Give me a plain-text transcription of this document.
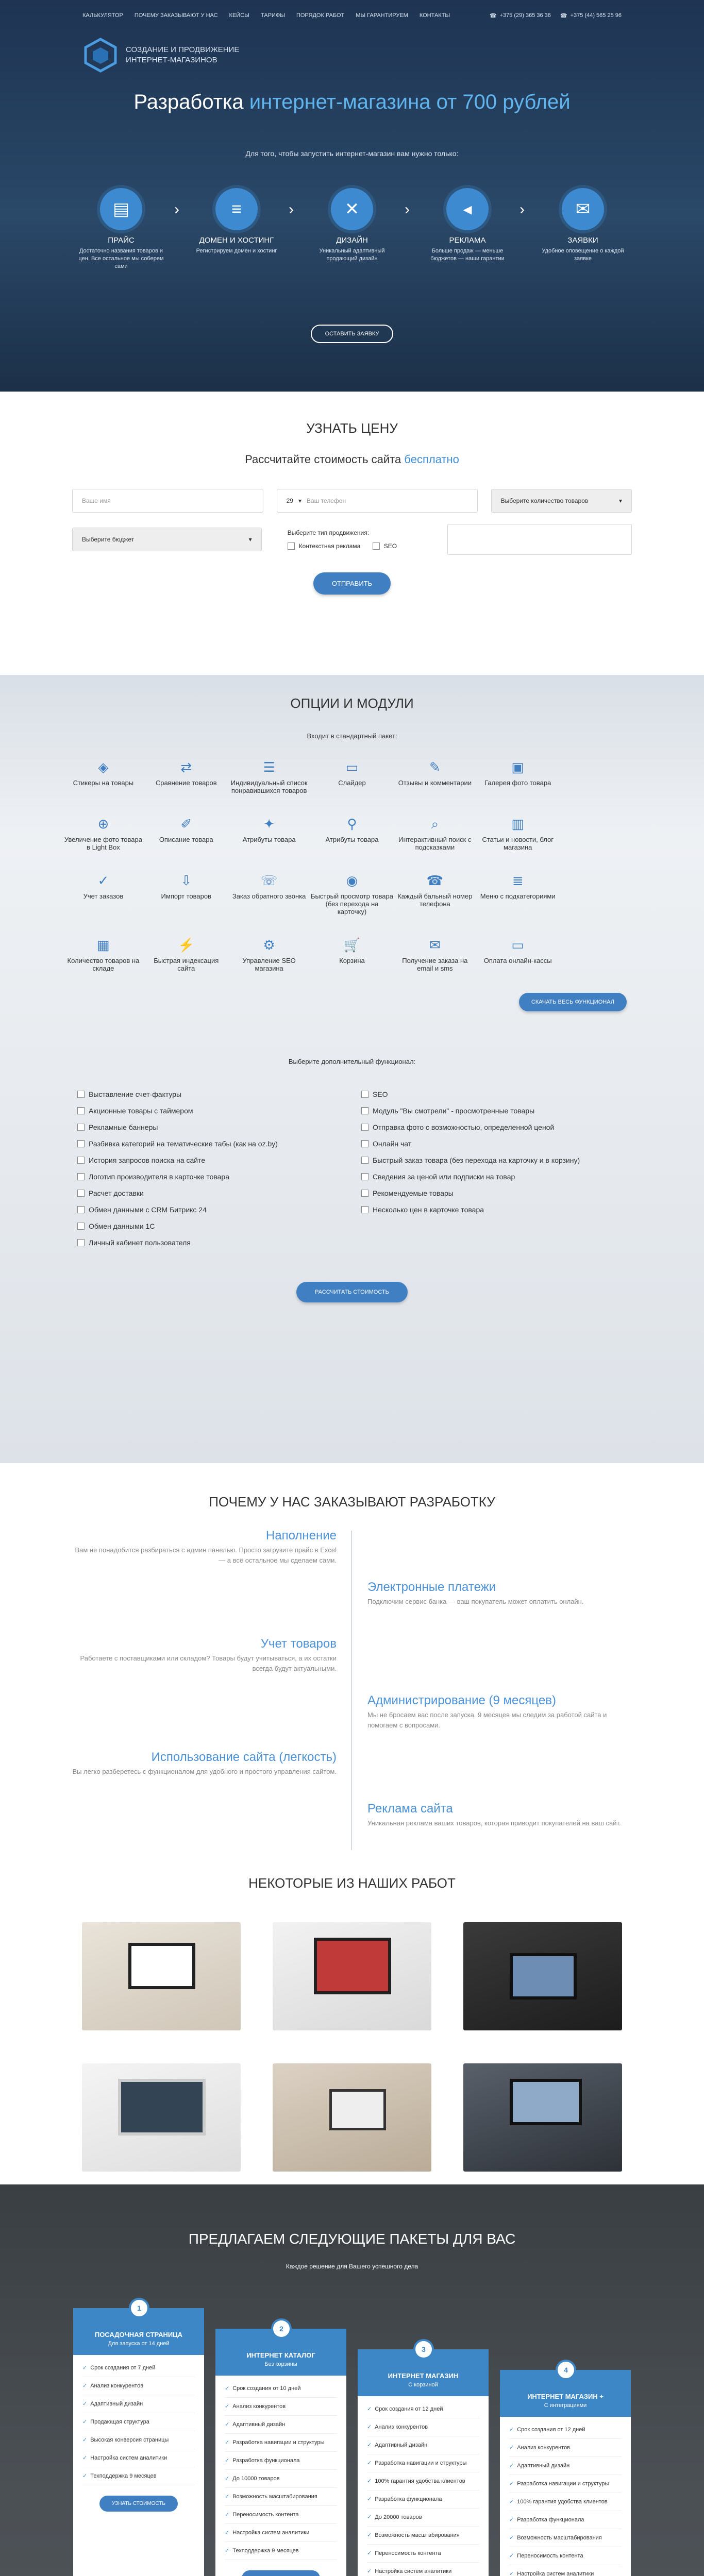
КАЛЬКУЛЯТОР ПОЧЕМУ ЗАКАЗЫВАЮТ У НАС КЕЙСЫ ТАРИФЫ ПОРЯДОК РАБОТ МЫ ГАРАНТИРУЕМ КОНТАКТЫ	☎ +375 (29) 365 36 36 ☎ +375 (44) 565 25 96
СОЗДАНИЕ И ПРОДВИЖЕНИЕ ИНТЕРНЕТ-МАГАЗИНОВ
Разработка интернет-магазина от 700 рублей
Для того, чтобы запустить интернет-магазин вам нужно только:
▤
ПРАЙС
Достаточно названия товаров и цен. Все остальное мы соберем сами
≡
ДОМЕН И ХОСТИНГ
Регистрируем домен и хостинг
✕
ДИЗАЙН
Уникальный адаптивный продающий дизайн
◂
РЕКЛАМА
Больше продаж — меньше бюджетов — наши гарантии
✉
ЗАЯВКИ
Удобное оповещение о каждой заявке
›	›	›	›
ОСТАВИТЬ ЗАЯВКУ
УЗНАТЬ ЦЕНУ
Рассчитайте стоимость сайта бесплатно
Ваше имя	29 ▾ Ваш телефон	Выберите количество товаров	▾
Выберите бюджет	▾
Выберите тип продвижения:
Контекстная реклама	SEO
ОТПРАВИТЬ
ОПЦИИ И МОДУЛИ
Входит в стандартный пакет:
◈
Стикеры на товары
⇄
Сравнение товаров
☰
Индивидуальный список понравившихся товаров
▭
Слайдер
✎
Отзывы и комментарии
▣
Галерея фото товара
⊕
Увеличение фото товара в Light Box
✐
Описание товара
✦
Атрибуты товара
⚲
Атрибуты товара
⌕
Интерактивный поиск с подсказками
▥
Статьи и новости, блог магазина
✓
Учет заказов
⇩
Импорт товаров
☏
Заказ обратного звонка
◉
Быстрый просмотр товара (без перехода на карточку)
☎
Каждый бальный номер телефона
≣
Меню с подкатегориями
▦
Количество товаров на складе
⚡
Быстрая индексация сайта
⚙
Управление SEO магазина
🛒
Корзина
✉
Получение заказа на email и sms
▭
Оплата онлайн-кассы
СКАЧАТЬ ВЕСЬ ФУНКЦИОНАЛ
Выберите дополнительный функционал:
Выставление счет-фактуры
Акционные товары с таймером
Рекламные баннеры
Разбивка категорий на тематические табы (как на oz.by)
История запросов поиска на сайте
Логотип производителя в карточке товара
Расчет доставки
Обмен данными с CRM Битрикс 24
Обмен данными 1С
Личный кабинет пользователя
SEO
Модуль "Вы смотрели" - просмотренные товары
Отправка фото с возможностью, определенной ценой
Онлайн чат
Быстрый заказ товара (без перехода на карточку и в корзину)
Сведения за ценой или подписки на товар
Рекомендуемые товары
Несколько цен в карточке товара
РАССЧИТАТЬ СТОИМОСТЬ
ПОЧЕМУ У НАС ЗАКАЗЫВАЮТ РАЗРАБОТКУ
Наполнение
Вам не понадобится разбираться с админ панелью. Просто загрузите прайс в Excel — а всё остальное мы сделаем сами.
Электронные платежи
Подключим сервис банка — ваш покупатель может оплатить онлайн.
Учет товаров
Работаете с поставщиками или складом? Товары будут учитываться, а их остатки всегда будут актуальными.
Администрирование (9 месяцев)
Мы не бросаем вас после запуска. 9 месяцев мы следим за работой сайта и помогаем с вопросами.
Использование сайта (легкость)
Вы легко разберетесь с функционалом для удобного и простого управления сайтом.
Реклама сайта
Уникальная реклама ваших товаров, которая приводит покупателей на ваш сайт.
НЕКОТОРЫЕ ИЗ НАШИХ РАБОТ
ПРЕДЛАГАЕМ СЛЕДУЮЩИЕ ПАКЕТЫ ДЛЯ ВАС
Каждое решение для Вашего успешного дела
1
ПОСАДОЧНАЯ СТРАНИЦА
Для запуска от 14 дней
✓ Срок создания от 7 дней
✓ Анализ конкурентов
✓ Адаптивный дизайн
✓ Продающая структура
✓ Высокая конверсия страницы
✓ Настройка систем аналитики
✓ Техподдержка 9 месяцев
УЗНАТЬ СТОИМОСТЬ
2
ИНТЕРНЕТ КАТАЛОГ
Без корзины
✓ Срок создания от 10 дней
✓ Анализ конкурентов
✓ Адаптивный дизайн
✓ Разработка навигации и структуры
✓ Разработка функционала
✓ До 10000 товаров
✓ Возможность масштабирования
✓ Переносимость контента
✓ Настройка систем аналитики
✓ Техподдержка 9 месяцев
3
ИНТЕРНЕТ МАГАЗИН
С корзиной
✓ Срок создания от 12 дней
✓ Анализ конкурентов
✓ Адаптивный дизайн
✓ Разработка навигации и структуры
✓ 100% гарантия удобства клиентов
✓ Разработка функционала
✓ До 20000 товаров
✓ Возможность масштабирования
✓ Переносимость контента
✓ Настройка систем аналитики
4
ИНТЕРНЕТ МАГАЗИН +
С интеграциями
✓ Срок создания от 12 дней
✓ Анализ конкурентов
✓ Адаптивный дизайн
✓ Разработка навигации и структуры
✓ 100% гарантия удобства клиентов
✓ Разработка функционала
✓ Возможность масштабирования
✓ Переносимость контента
✓ Настройка систем аналитики
